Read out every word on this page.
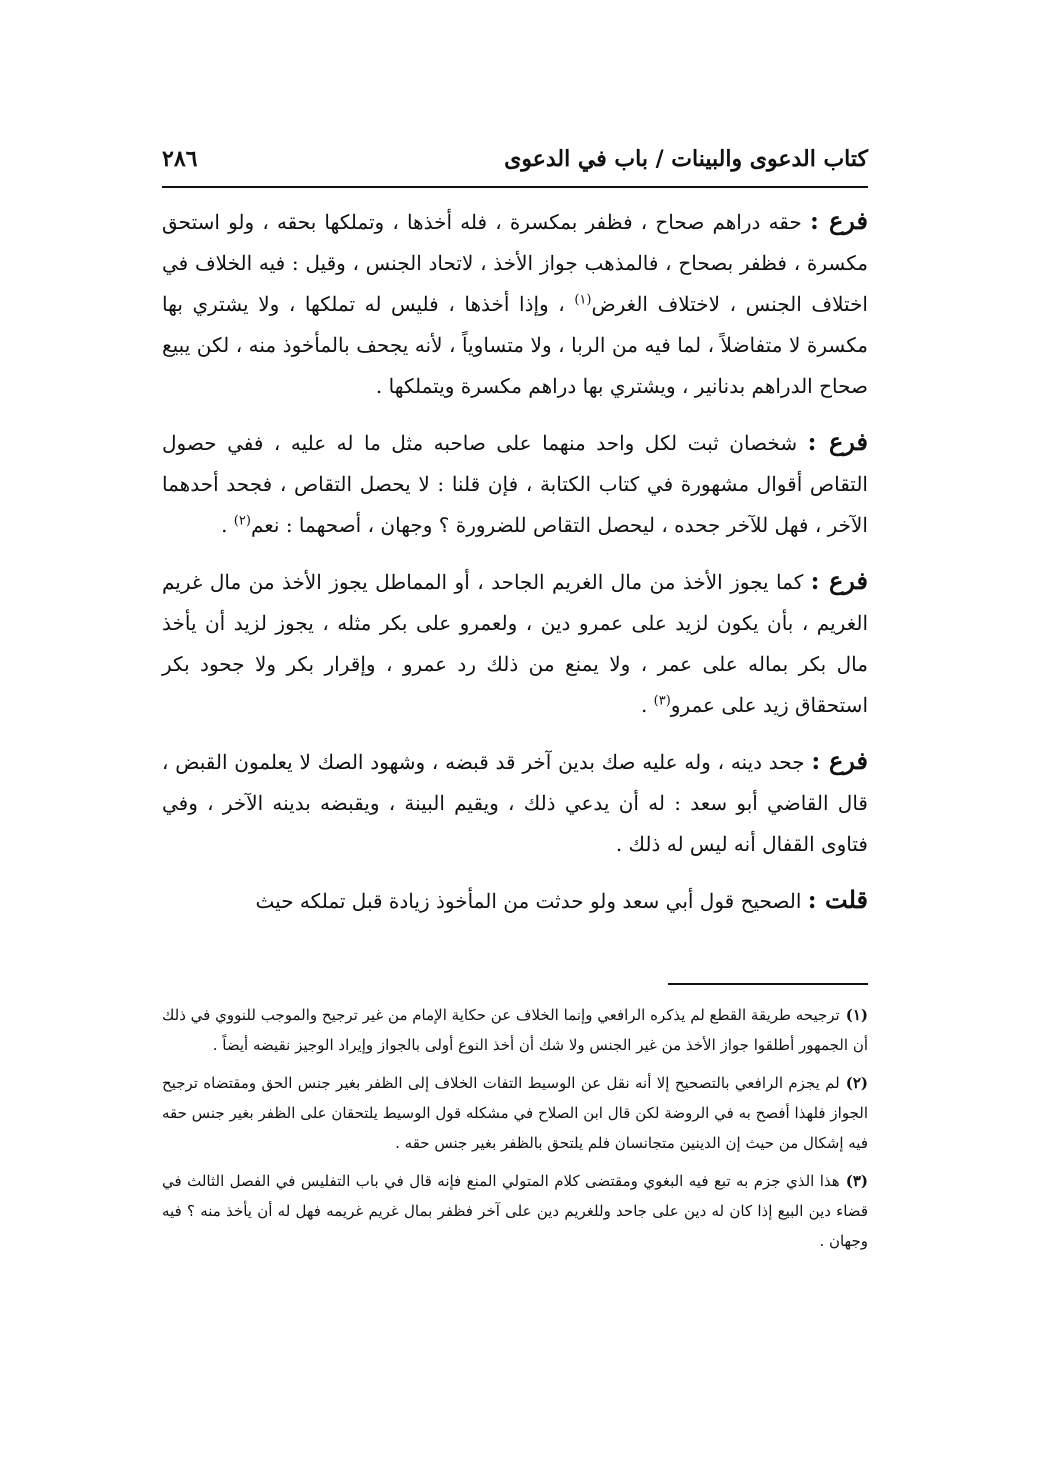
كتاب الدعوى والبينات / باب في الدعوى
٢٨٦

فرع : حقه دراهم صحاح ، فظفر بمكسرة ، فله أخذها ، وتملكها بحقه ، ولو استحق مكسرة ، فظفر بصحاح ، فالمذهب جواز الأخذ ، لاتحاد الجنس ، وقيل : فيه الخلاف في اختلاف الجنس ، لاختلاف الغرض$^{(١)}$ ، وإذا أخذها ، فليس له تملكها ، ولا يشتري بها مكسرة لا متفاضلاً ، لما فيه من الربا ، ولا متساوياً ، لأنه يجحف بالمأخوذ منه ، لكن يبيع صحاح الدراهم بدنانير ، ويشتري بها دراهم مكسرة ويتملكها .

فرع : شخصان ثبت لكل واحد منهما على صاحبه مثل ما له عليه ، ففي حصول التقاص أقوال مشهورة في كتاب الكتابة ، فإن قلنا : لا يحصل التقاص ، فجحد أحدهما الآخر ، فهل للآخر جحده ، ليحصل التقاص للضرورة ؟ وجهان ، أصحهما : نعم$^{(٢)}$ .

فرع : كما يجوز الأخذ من مال الغريم الجاحد ، أو المماطل يجوز الأخذ من مال غريم الغريم ، بأن يكون لزيد على عمرو دين ، ولعمرو على بكر مثله ، يجوز لزيد أن يأخذ مال بكر بماله على عمر ، ولا يمنع من ذلك رد عمرو ، وإقرار بكر ولا جحود بكر استحقاق زيد على عمرو$^{(٣)}$ .

فرع : جحد دينه ، وله عليه صك بدين آخر قد قبضه ، وشهود الصك لا يعلمون القبض ، قال القاضي أبو سعد : له أن يدعي ذلك ، ويقيم البينة ، ويقبضه بدينه الآخر ، وفي فتاوى القفال أنه ليس له ذلك .

قلت : الصحيح قول أبي سعد ولو حدثت من المأخوذ زيادة قبل تملكه حيث

(١)ترجيحه طريقة القطع لم يذكره الرافعي وإنما الخلاف عن حكاية الإمام من غير ترجيح والموجب للنووي في ذلك أن الجمهور أطلقوا جواز الأخذ من غير الجنس ولا شك أن أخذ النوع أولى بالجواز وإيراد الوجيز نقيضه أيضاً .

(٢)لم يجزم الرافعي بالتصحيح إلا أنه نقل عن الوسيط التفات الخلاف إلى الظفر بغير جنس الحق ومقتضاه ترجيح الجواز فلهذا أفصح به في الروضة لكن قال ابن الصلاح في مشكله قول الوسيط يلتحقان على الظفر بغير جنس حقه فيه إشكال من حيث إن الدينين متجانسان فلم يلتحق بالظفر بغير جنس حقه .

(٣)هذا الذي جزم به تبع فيه البغوي ومقتضى كلام المتولي المنع فإنه قال في باب التفليس في الفصل الثالث في قضاء دين البيع إذا كان له دين على جاحد وللغريم دين على آخر فظفر بمال غريم غريمه فهل له أن يأخذ منه ؟ فيه وجهان .
